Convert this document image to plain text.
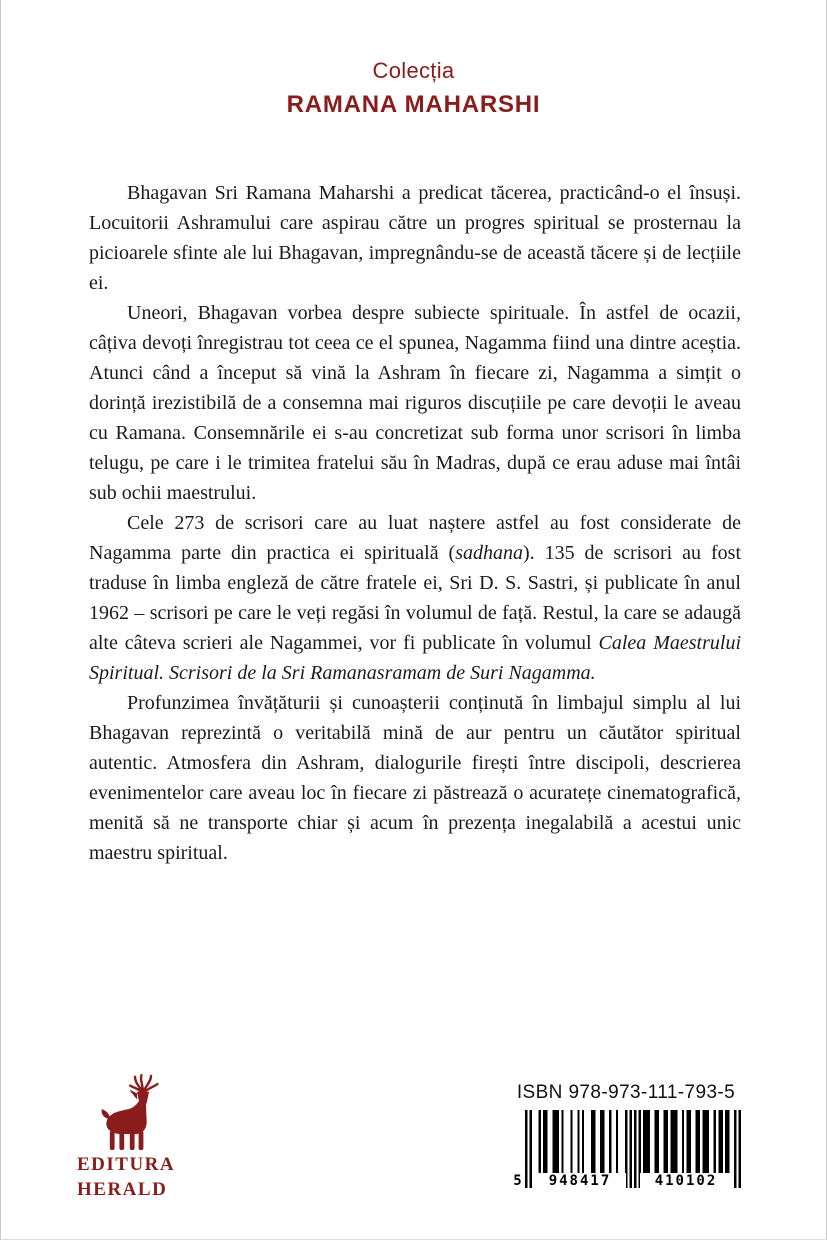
Colecția
RAMANA MAHARSHI

Bhagavan Sri Ramana Maharshi a predicat tăcerea, practicând-o el însuși. Locuitorii Ashramului care aspirau către un progres spiritual se prosternau la picioarele sfinte ale lui Bhagavan, impregnându-se de această tăcere și de lecțiile ei.

Uneori, Bhagavan vorbea despre subiecte spirituale. În astfel de ocazii, câțiva devoți înregistrau tot ceea ce el spunea, Nagamma fiind una dintre aceștia. Atunci când a început să vină la Ashram în fiecare zi, Nagamma a simțit o dorință irezistibilă de a consemna mai riguros discuțiile pe care devoții le aveau cu Ramana. Consemnările ei s-au concretizat sub forma unor scrisori în limba telugu, pe care i le trimitea fratelui său în Madras, după ce erau aduse mai întâi sub ochii maestrului.

Cele 273 de scrisori care au luat naștere astfel au fost considerate de Nagamma parte din practica ei spirituală (sadhana). 135 de scrisori au fost traduse în limba engleză de către fratele ei, Sri D. S. Sastri, și publicate în anul 1962 – scrisori pe care le veți regăsi în volumul de față. Restul, la care se adaugă alte câteva scrieri ale Nagammei, vor fi publicate în volumul Calea Maestrului Spiritual. Scrisori de la Sri Ramanasramam de Suri Nagamma.

Profunzimea învățăturii și cunoașterii conținută în limbajul simplu al lui Bhagavan reprezintă o veritabilă mină de aur pentru un căutător spiritual autentic. Atmosfera din Ashram, dialogurile firești între discipoli, descrierea evenimentelor care aveau loc în fiecare zi păstrează o acuratețe cinematografică, menită să ne transporte chiar și acum în prezența inegalabilă a acestui unic maestru spiritual.

EDITURA
HERALD
ISBN 978-973-111-793-5
5	948417	410102
